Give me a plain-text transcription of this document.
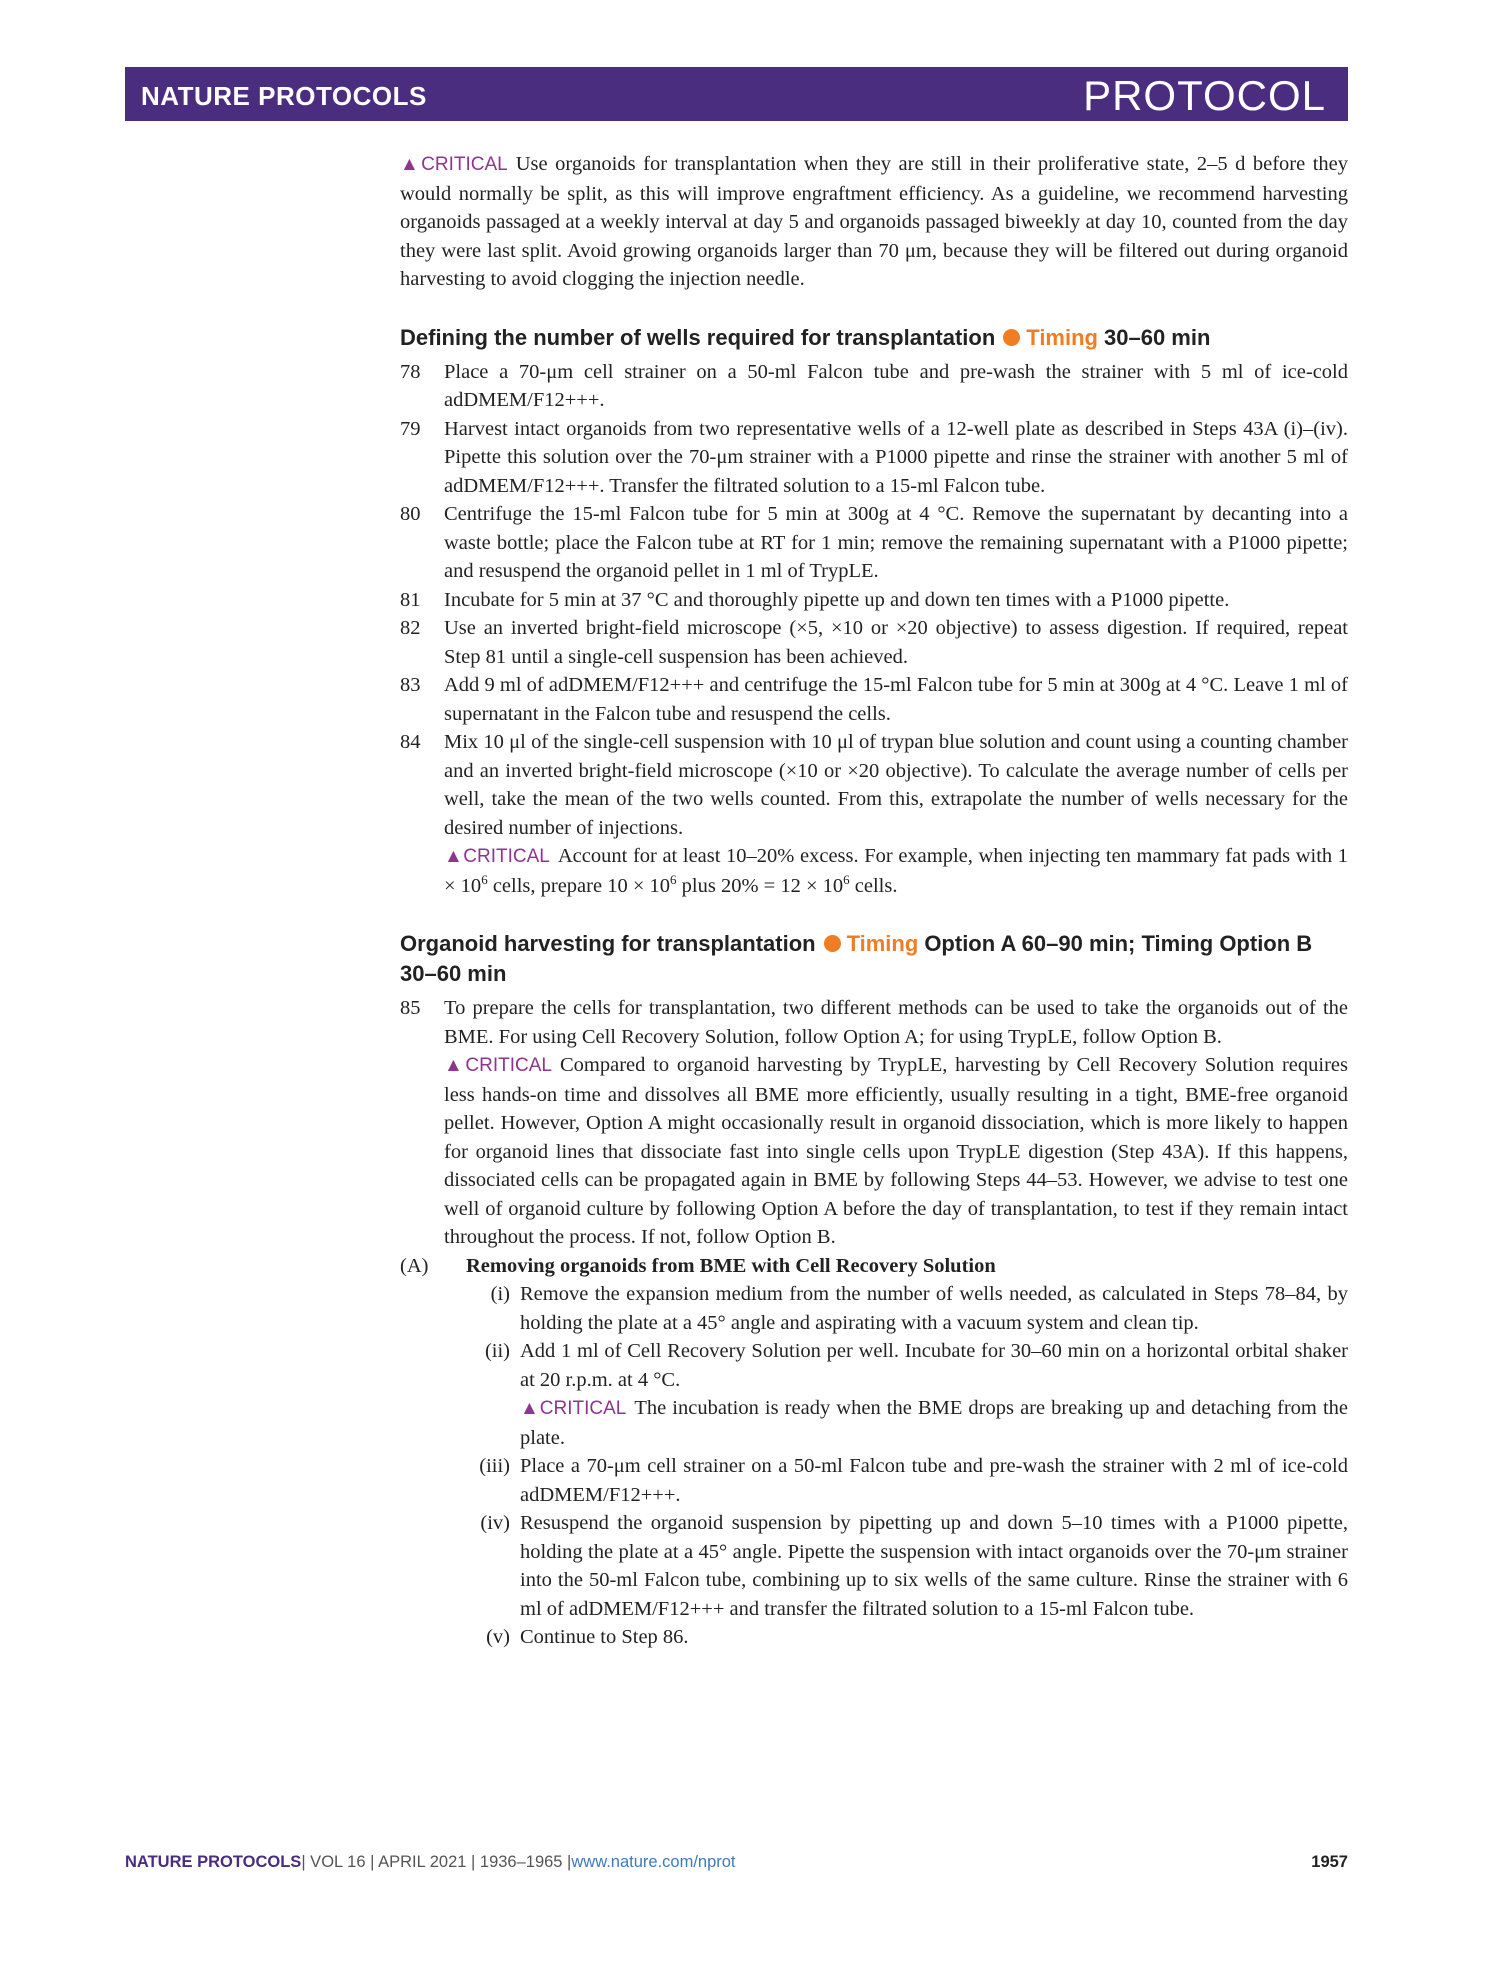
NATURE PROTOCOLS	PROTOCOL

▲CRITICAL Use organoids for transplantation when they are still in their proliferative state, 2–5 d before they would normally be split, as this will improve engraftment efficiency. As a guideline, we recommend harvesting organoids passaged at a weekly interval at day 5 and organoids passaged biweekly at day 10, counted from the day they were last split. Avoid growing organoids larger than 70 μm, because they will be filtered out during organoid harvesting to avoid clogging the injection needle.

Defining the number of wells required for transplantation Timing 30–60 min
78 Place a 70-μm cell strainer on a 50-ml Falcon tube and pre-wash the strainer with 5 ml of ice-cold adDMEM/F12+++.
79 Harvest intact organoids from two representative wells of a 12-well plate as described in Steps 43A (i)–(iv). Pipette this solution over the 70-μm strainer with a P1000 pipette and rinse the strainer with another 5 ml of adDMEM/F12+++. Transfer the filtrated solution to a 15-ml Falcon tube.
80 Centrifuge the 15-ml Falcon tube for 5 min at 300g at 4 °C. Remove the supernatant by decanting into a waste bottle; place the Falcon tube at RT for 1 min; remove the remaining supernatant with a P1000 pipette; and resuspend the organoid pellet in 1 ml of TrypLE.
81 Incubate for 5 min at 37 °C and thoroughly pipette up and down ten times with a P1000 pipette.
82 Use an inverted bright-field microscope (×5, ×10 or ×20 objective) to assess digestion. If required, repeat Step 81 until a single-cell suspension has been achieved.
83 Add 9 ml of adDMEM/F12+++ and centrifuge the 15-ml Falcon tube for 5 min at 300g at 4 °C. Leave 1 ml of supernatant in the Falcon tube and resuspend the cells.
84 Mix 10 μl of the single-cell suspension with 10 μl of trypan blue solution and count using a counting chamber and an inverted bright-field microscope (×10 or ×20 objective). To calculate the average number of cells per well, take the mean of the two wells counted. From this, extrapolate the number of wells necessary for the desired number of injections.
▲CRITICAL Account for at least 10–20% excess. For example, when injecting ten mammary fat pads with $1 \times 10^6$ cells, prepare $10 \times 10^6$ plus $20\% = 12 \times 10^6$ cells.
Organoid harvesting for transplantation Timing Option A 60–90 min; Timing Option B 30–60 min
85 To prepare the cells for transplantation, two different methods can be used to take the organoids out of the BME. For using Cell Recovery Solution, follow Option A; for using TrypLE, follow Option B.
▲CRITICAL Compared to organoid harvesting by TrypLE, harvesting by Cell Recovery Solution requires less hands-on time and dissolves all BME more efficiently, usually resulting in a tight, BME-free organoid pellet. However, Option A might occasionally result in organoid dissociation, which is more likely to happen for organoid lines that dissociate fast into single cells upon TrypLE digestion (Step 43A). If this happens, dissociated cells can be propagated again in BME by following Steps 44–53. However, we advise to test one well of organoid culture by following Option A before the day of transplantation, to test if they remain intact throughout the process. If not, follow Option B.
(A) Removing organoids from BME with Cell Recovery Solution
(i) Remove the expansion medium from the number of wells needed, as calculated in Steps 78–84, by holding the plate at a 45° angle and aspirating with a vacuum system and clean tip.
(ii) Add 1 ml of Cell Recovery Solution per well. Incubate for 30–60 min on a horizontal orbital shaker at 20 r.p.m. at 4 °C.
▲CRITICAL The incubation is ready when the BME drops are breaking up and detaching from the plate.
(iii) Place a 70-μm cell strainer on a 50-ml Falcon tube and pre-wash the strainer with 2 ml of ice-cold adDMEM/F12+++.
(iv) Resuspend the organoid suspension by pipetting up and down 5–10 times with a P1000 pipette, holding the plate at a 45° angle. Pipette the suspension with intact organoids over the 70-μm strainer into the 50-ml Falcon tube, combining up to six wells of the same culture. Rinse the strainer with 6 ml of adDMEM/F12+++ and transfer the filtrated solution to a 15-ml Falcon tube.
(v) Continue to Step 86.
NATURE PROTOCOLS| VOL 16 | APRIL 2021 | 1936–1965 |www.nature.com/nprot	1957
